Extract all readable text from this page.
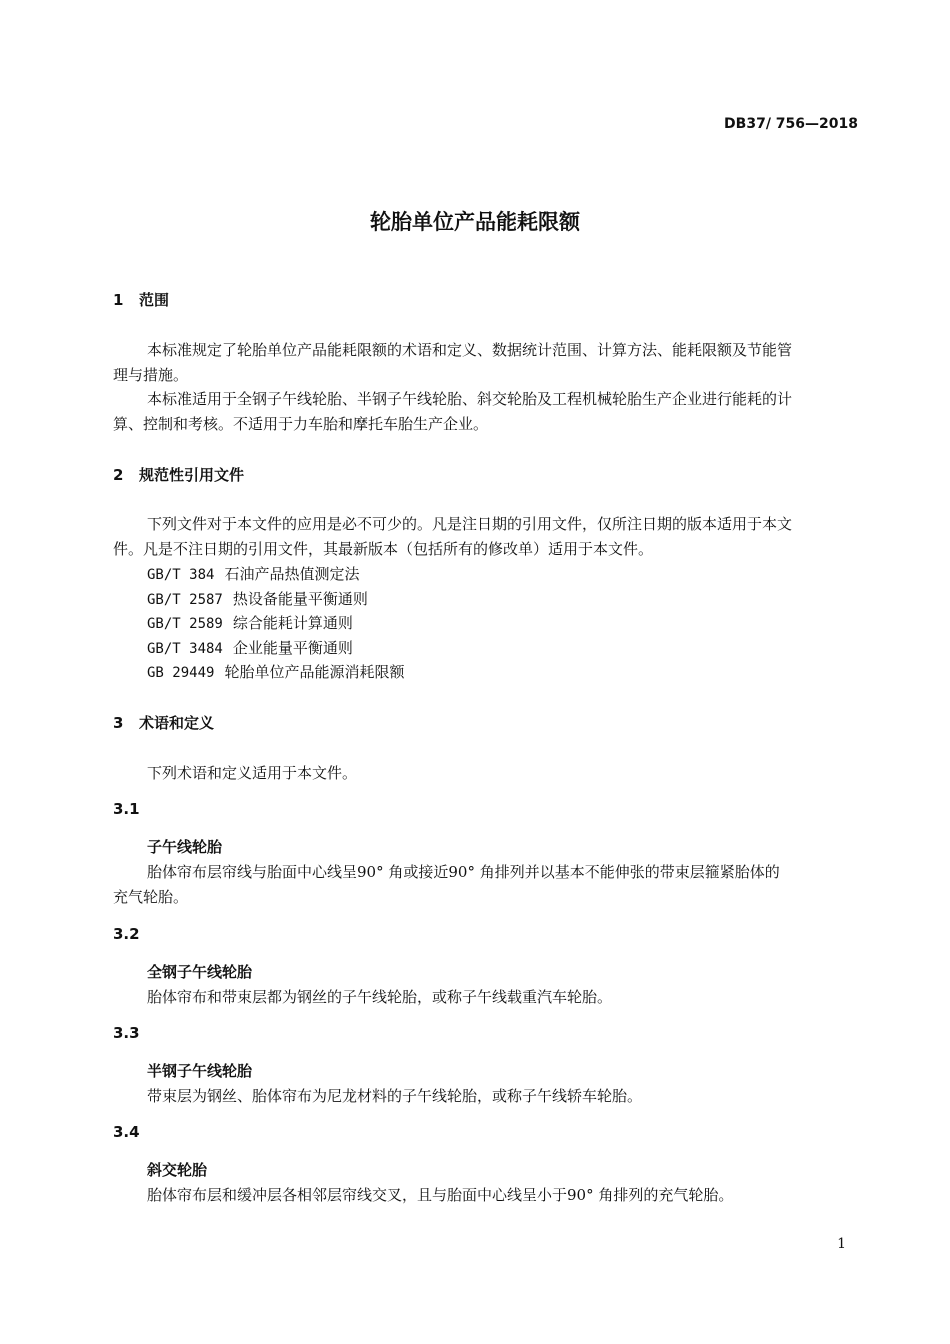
DB37/ 756—2018
轮胎单位产品能耗限额
1 范围
本标准规定了轮胎单位产品能耗限额的术语和定义、数据统计范围、计算方法、能耗限额及节能管
理与措施。
本标准适用于全钢子午线轮胎、半钢子午线轮胎、斜交轮胎及工程机械轮胎生产企业进行能耗的计
算、控制和考核。不适用于力车胎和摩托车胎生产企业。
2 规范性引用文件
下列文件对于本文件的应用是必不可少的。凡是注日期的引用文件，仅所注日期的版本适用于本文
件。凡是不注日期的引用文件，其最新版本（包括所有的修改单）适用于本文件。
GB/T 384 石油产品热值测定法
GB/T 2587 热设备能量平衡通则
GB/T 2589 综合能耗计算通则
GB/T 3484 企业能量平衡通则
GB 29449 轮胎单位产品能源消耗限额
3 术语和定义
下列术语和定义适用于本文件。
3.1
子午线轮胎
胎体帘布层帘线与胎面中心线呈90° 角或接近90° 角排列并以基本不能伸张的带束层箍紧胎体的
充气轮胎。
3.2
全钢子午线轮胎
胎体帘布和带束层都为钢丝的子午线轮胎，或称子午线载重汽车轮胎。
3.3
半钢子午线轮胎
带束层为钢丝、胎体帘布为尼龙材料的子午线轮胎，或称子午线轿车轮胎。
3.4
斜交轮胎
胎体帘布层和缓冲层各相邻层帘线交叉，且与胎面中心线呈小于90° 角排列的充气轮胎。
1
